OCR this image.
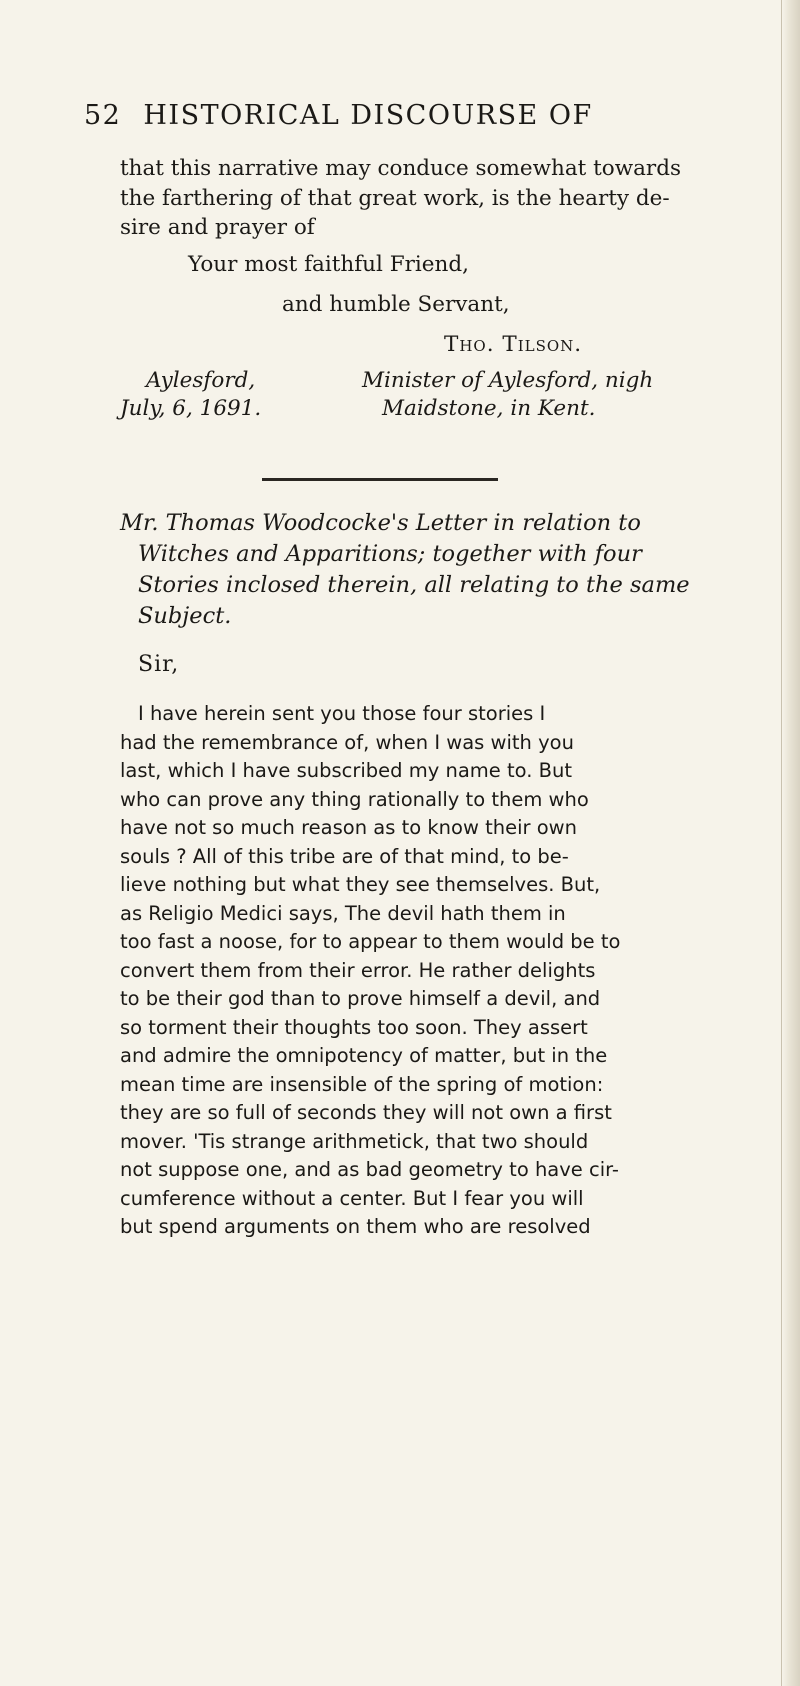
52 HISTORICAL DISCOURSE OF
that this narrative may conduce somewhat towards
the farthering of that great work, is the hearty de-
sire and prayer of
Your most faithful Friend,
and humble Servant,
Tho. Tilson.
Aylesford,
July, 6, 1691.
Minister of Aylesford, nigh
Maidstone, in Kent.
Mr. Thomas Woodcocke's Letter in relation to
Witches and Apparitions; together with four
Stories inclosed therein, all relating to the same
Subject.
Sir,
I have herein sent you those four stories I
had the remembrance of, when I was with you
last, which I have subscribed my name to. But
who can prove any thing rationally to them who
have not so much reason as to know their own
souls ? All of this tribe are of that mind, to be-
lieve nothing but what they see themselves. But,
as Religio Medici says, The devil hath them in
too fast a noose, for to appear to them would be to
convert them from their error. He rather delights
to be their god than to prove himself a devil, and
so torment their thoughts too soon. They assert
and admire the omnipotency of matter, but in the
mean time are insensible of the spring of motion:
they are so full of seconds they will not own a first
mover. 'Tis strange arithmetick, that two should
not suppose one, and as bad geometry to have cir-
cumference without a center. But I fear you will
but spend arguments on them who are resolved
